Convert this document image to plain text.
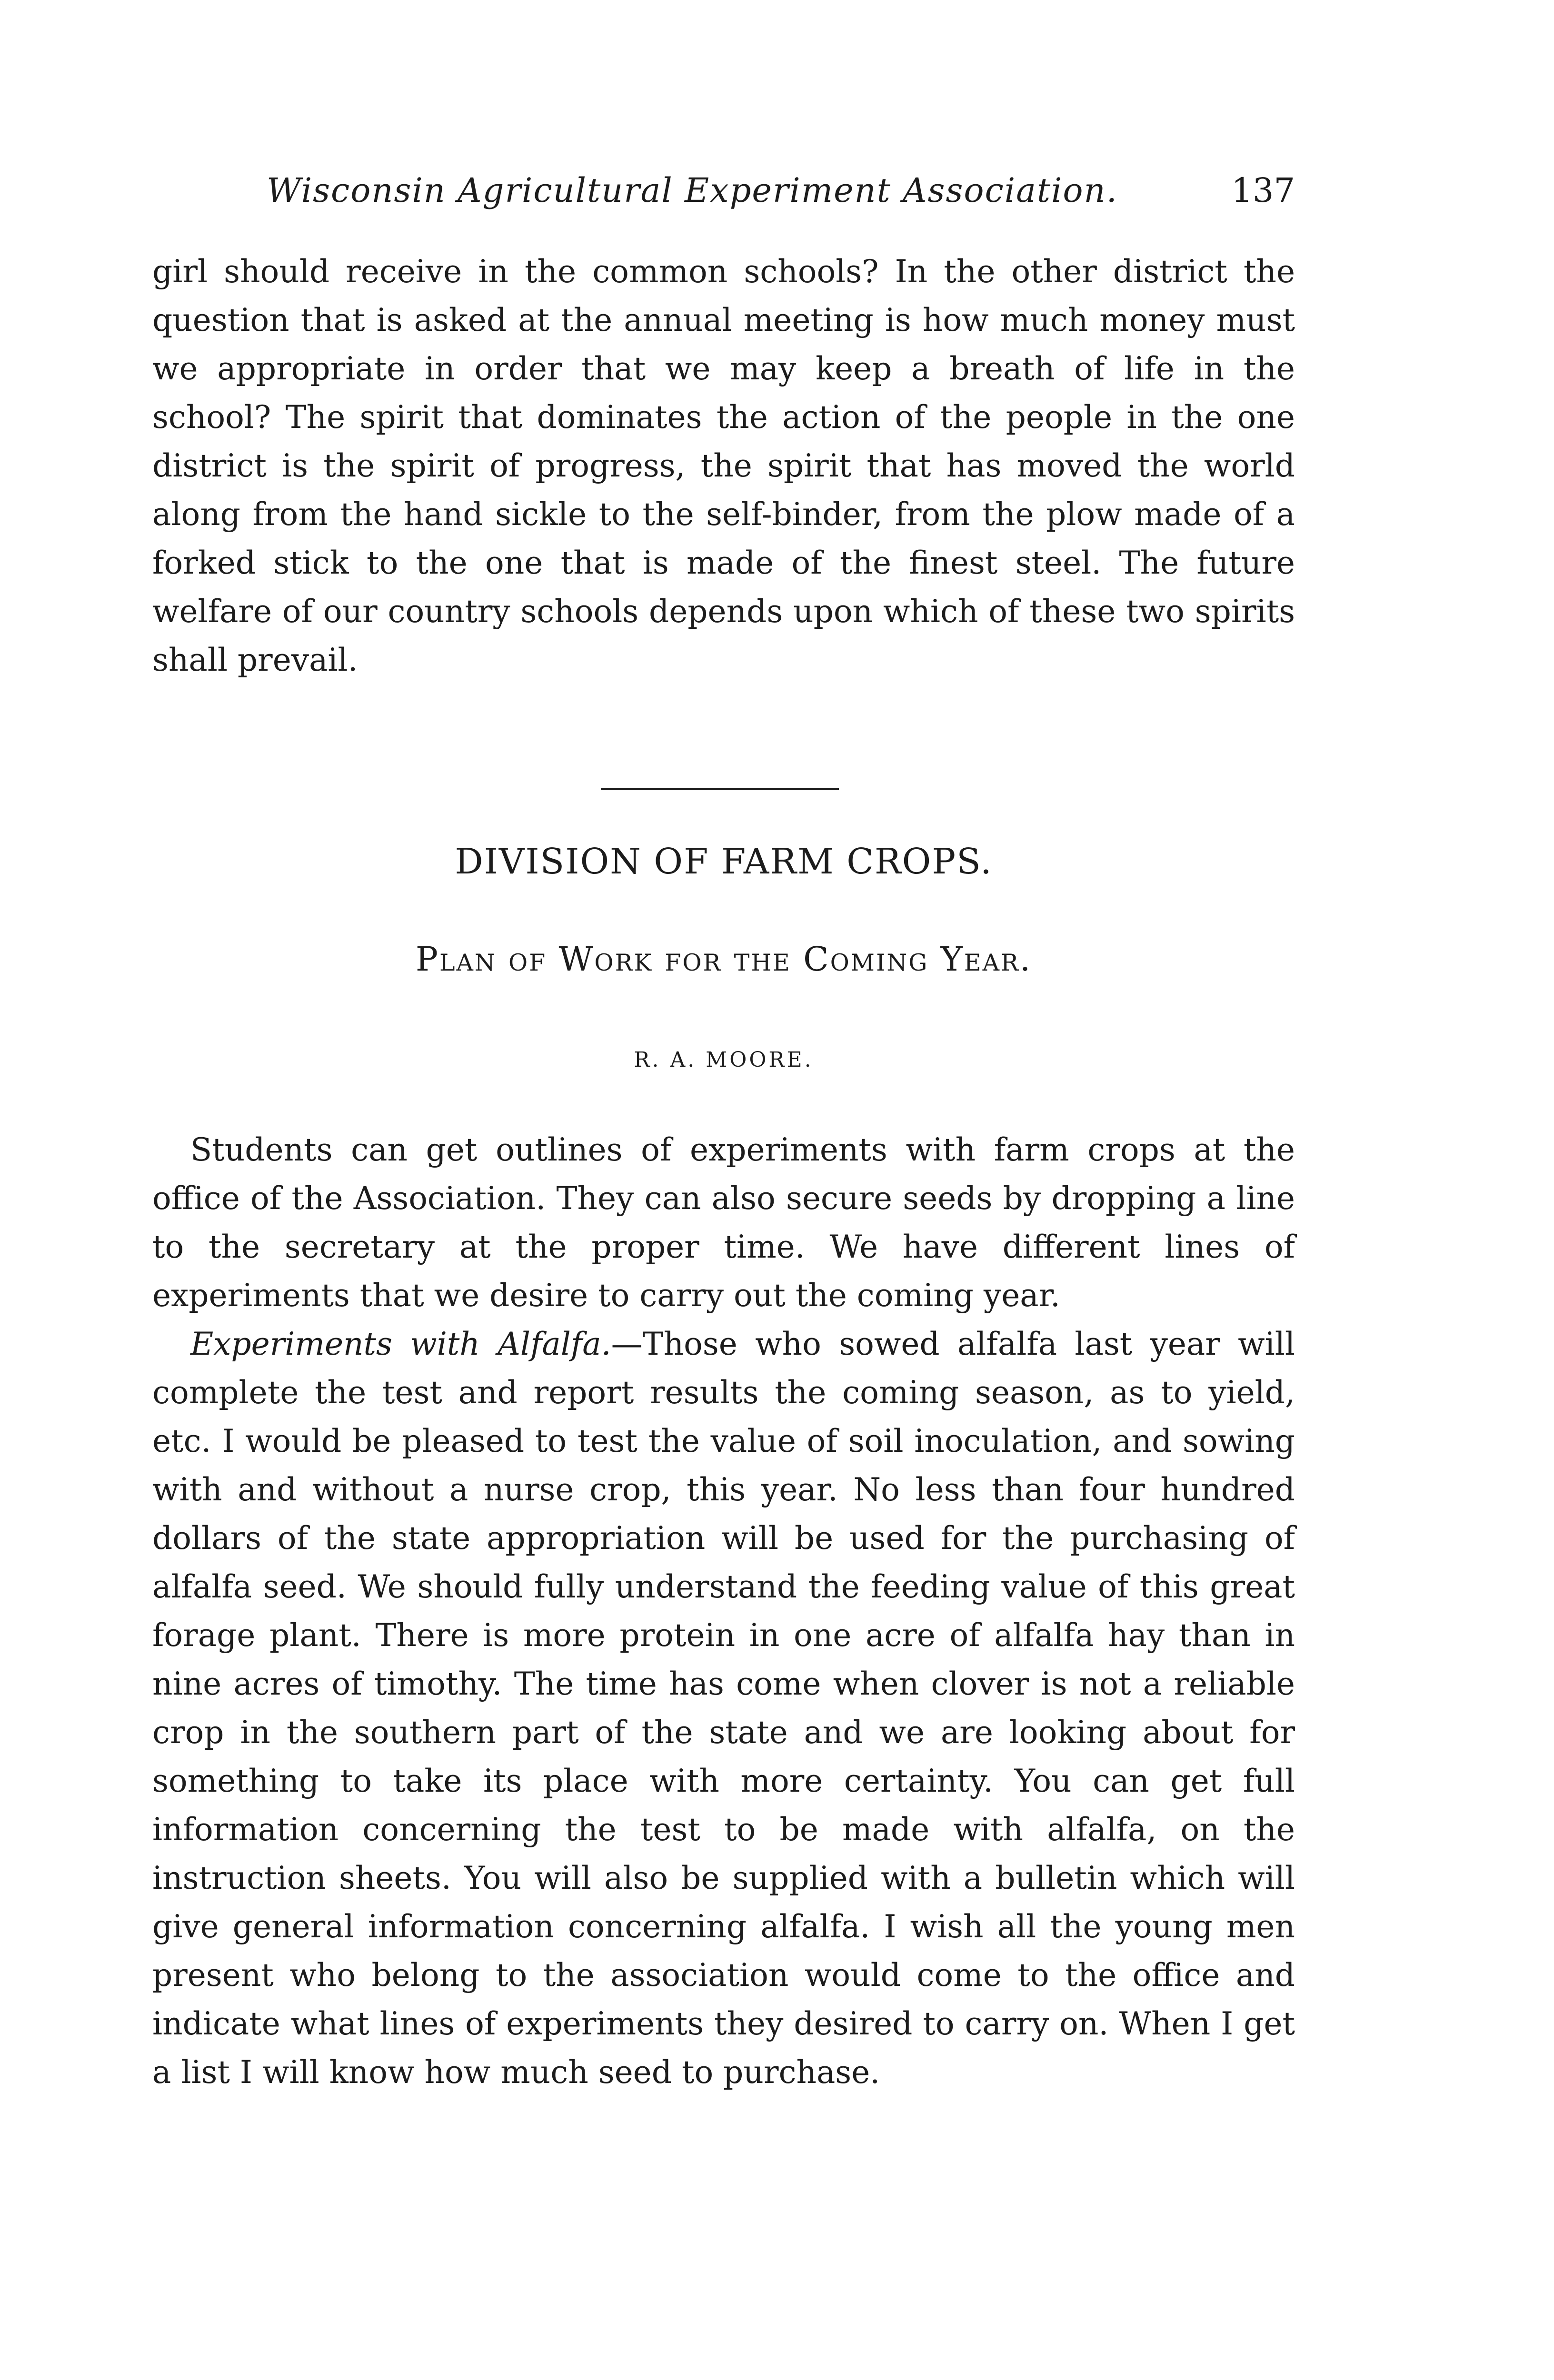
Wisconsin Agricultural Experiment Association.	137

girl should receive in the common schools? In the other district the question that is asked at the annual meeting is how much money must we appropriate in order that we may keep a breath of life in the school? The spirit that dominates the action of the people in the one district is the spirit of progress, the spirit that has moved the world along from the hand sickle to the self-binder, from the plow made of a forked stick to the one that is made of the finest steel. The future welfare of our country schools depends upon which of these two spirits shall prevail.

DIVISION OF FARM CROPS.
Plan of Work for the Coming Year.
R. A. MOORE.

Students can get outlines of experiments with farm crops at the office of the Association. They can also secure seeds by dropping a line to the secretary at the proper time. We have different lines of experiments that we desire to carry out the coming year.

Experiments with Alfalfa.—Those who sowed alfalfa last year will complete the test and report results the coming season, as to yield, etc. I would be pleased to test the value of soil inoculation, and sowing with and without a nurse crop, this year. No less than four hundred dollars of the state appropriation will be used for the purchasing of alfalfa seed. We should fully understand the feeding value of this great forage plant. There is more protein in one acre of alfalfa hay than in nine acres of timothy. The time has come when clover is not a reliable crop in the southern part of the state and we are looking about for something to take its place with more certainty. You can get full information concerning the test to be made with alfalfa, on the instruction sheets. You will also be supplied with a bulletin which will give general information concerning alfalfa. I wish all the young men present who belong to the association would come to the office and indicate what lines of experiments they desired to carry on. When I get a list I will know how much seed to purchase.
